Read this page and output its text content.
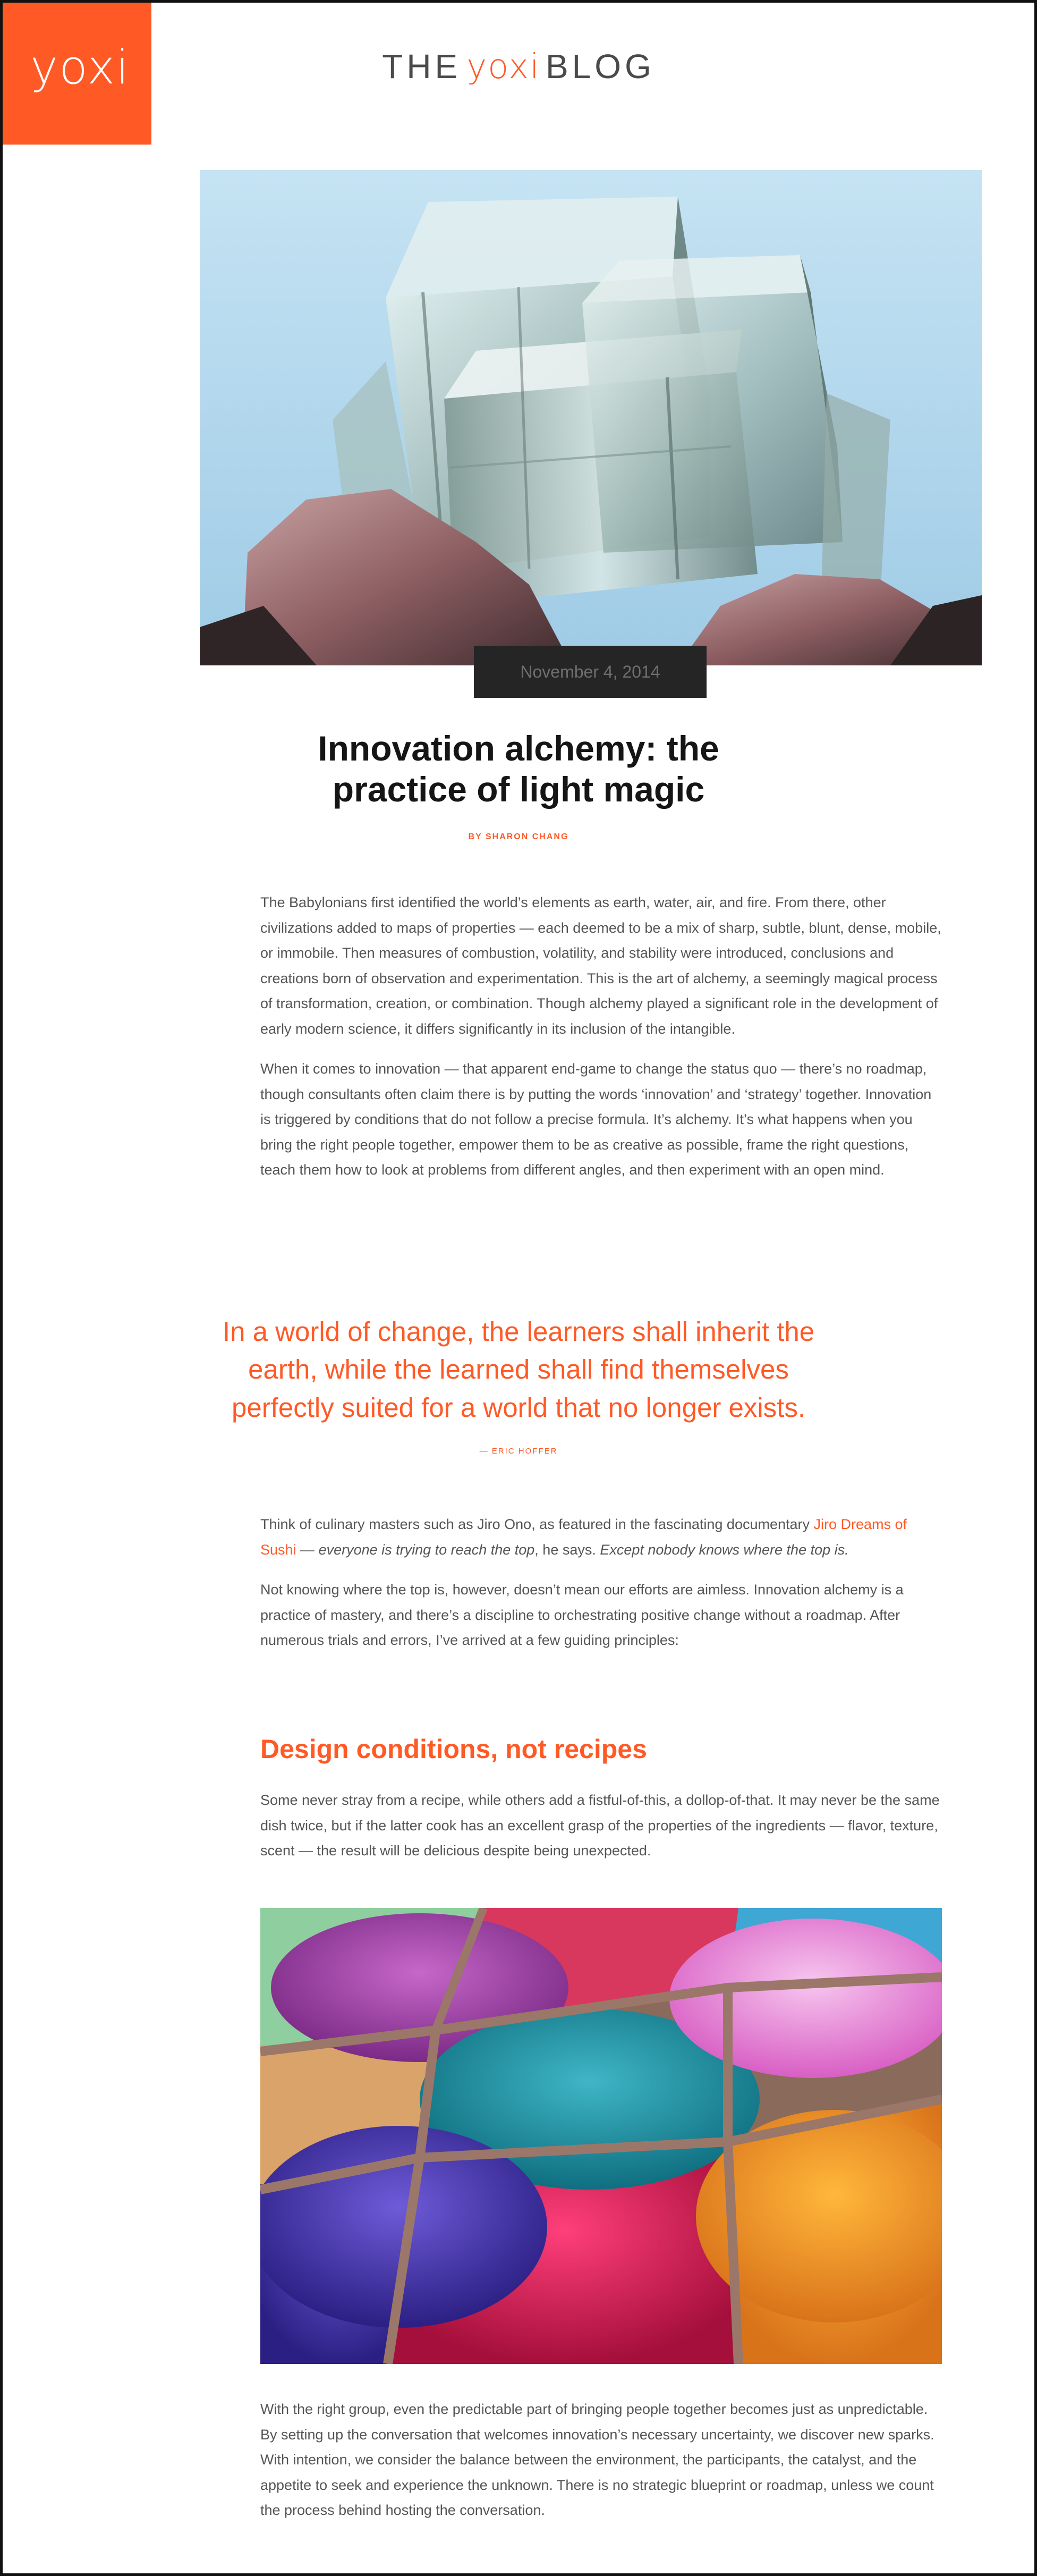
yoxi	THE yoxi BLOG
November 4, 2014
Innovation alchemy: the
practice of light magic
BY SHARON CHANG

The Babylonians first identified the world’s elements as earth, water, air, and fire. From there, other civilizations added to maps of properties — each deemed to be a mix of sharp, subtle, blunt, dense, mobile, or immobile. Then measures of combustion, volatility, and stability were introduced, conclusions and creations born of observation and experimentation. This is the art of alchemy, a seemingly magical process of transformation, creation, or combination. Though alchemy played a significant role in the development of early modern science, it differs significantly in its inclusion of the intangible.

When it comes to innovation — that apparent end-game to change the status quo — there’s no roadmap, though consultants often claim there is by putting the words ‘innovation’ and ‘strategy’ together. Innovation is triggered by conditions that do not follow a precise formula. It’s alchemy. It’s what happens when you bring the right people together, empower them to be as creative as possible, frame the right questions, teach them how to look at problems from different angles, and then experiment with an open mind.

In a world of change, the learners shall inherit the earth, while the learned shall find themselves perfectly suited for a world that no longer exists.
— ERIC HOFFER

Think of culinary masters such as Jiro Ono, as featured in the fascinating documentary Jiro Dreams of Sushi — everyone is trying to reach the top, he says. Except nobody knows where the top is.

Not knowing where the top is, however, doesn’t mean our efforts are aimless. Innovation alchemy is a practice of mastery, and there’s a discipline to orchestrating positive change without a roadmap. After numerous trials and errors, I’ve arrived at a few guiding principles:

Design conditions, not recipes

Some never stray from a recipe, while others add a fistful-of-this, a dollop-of-that. It may never be the same dish twice, but if the latter cook has an excellent grasp of the properties of the ingredients — flavor, texture, scent — the result will be delicious despite being unexpected.

With the right group, even the predictable part of bringing people together becomes just as unpredictable. By setting up the conversation that welcomes innovation’s necessary uncertainty, we discover new sparks. With intention, we consider the balance between the environment, the participants, the catalyst, and the appetite to seek and experience the unknown. There is no strategic blueprint or roadmap, unless we count the process behind hosting the conversation.
